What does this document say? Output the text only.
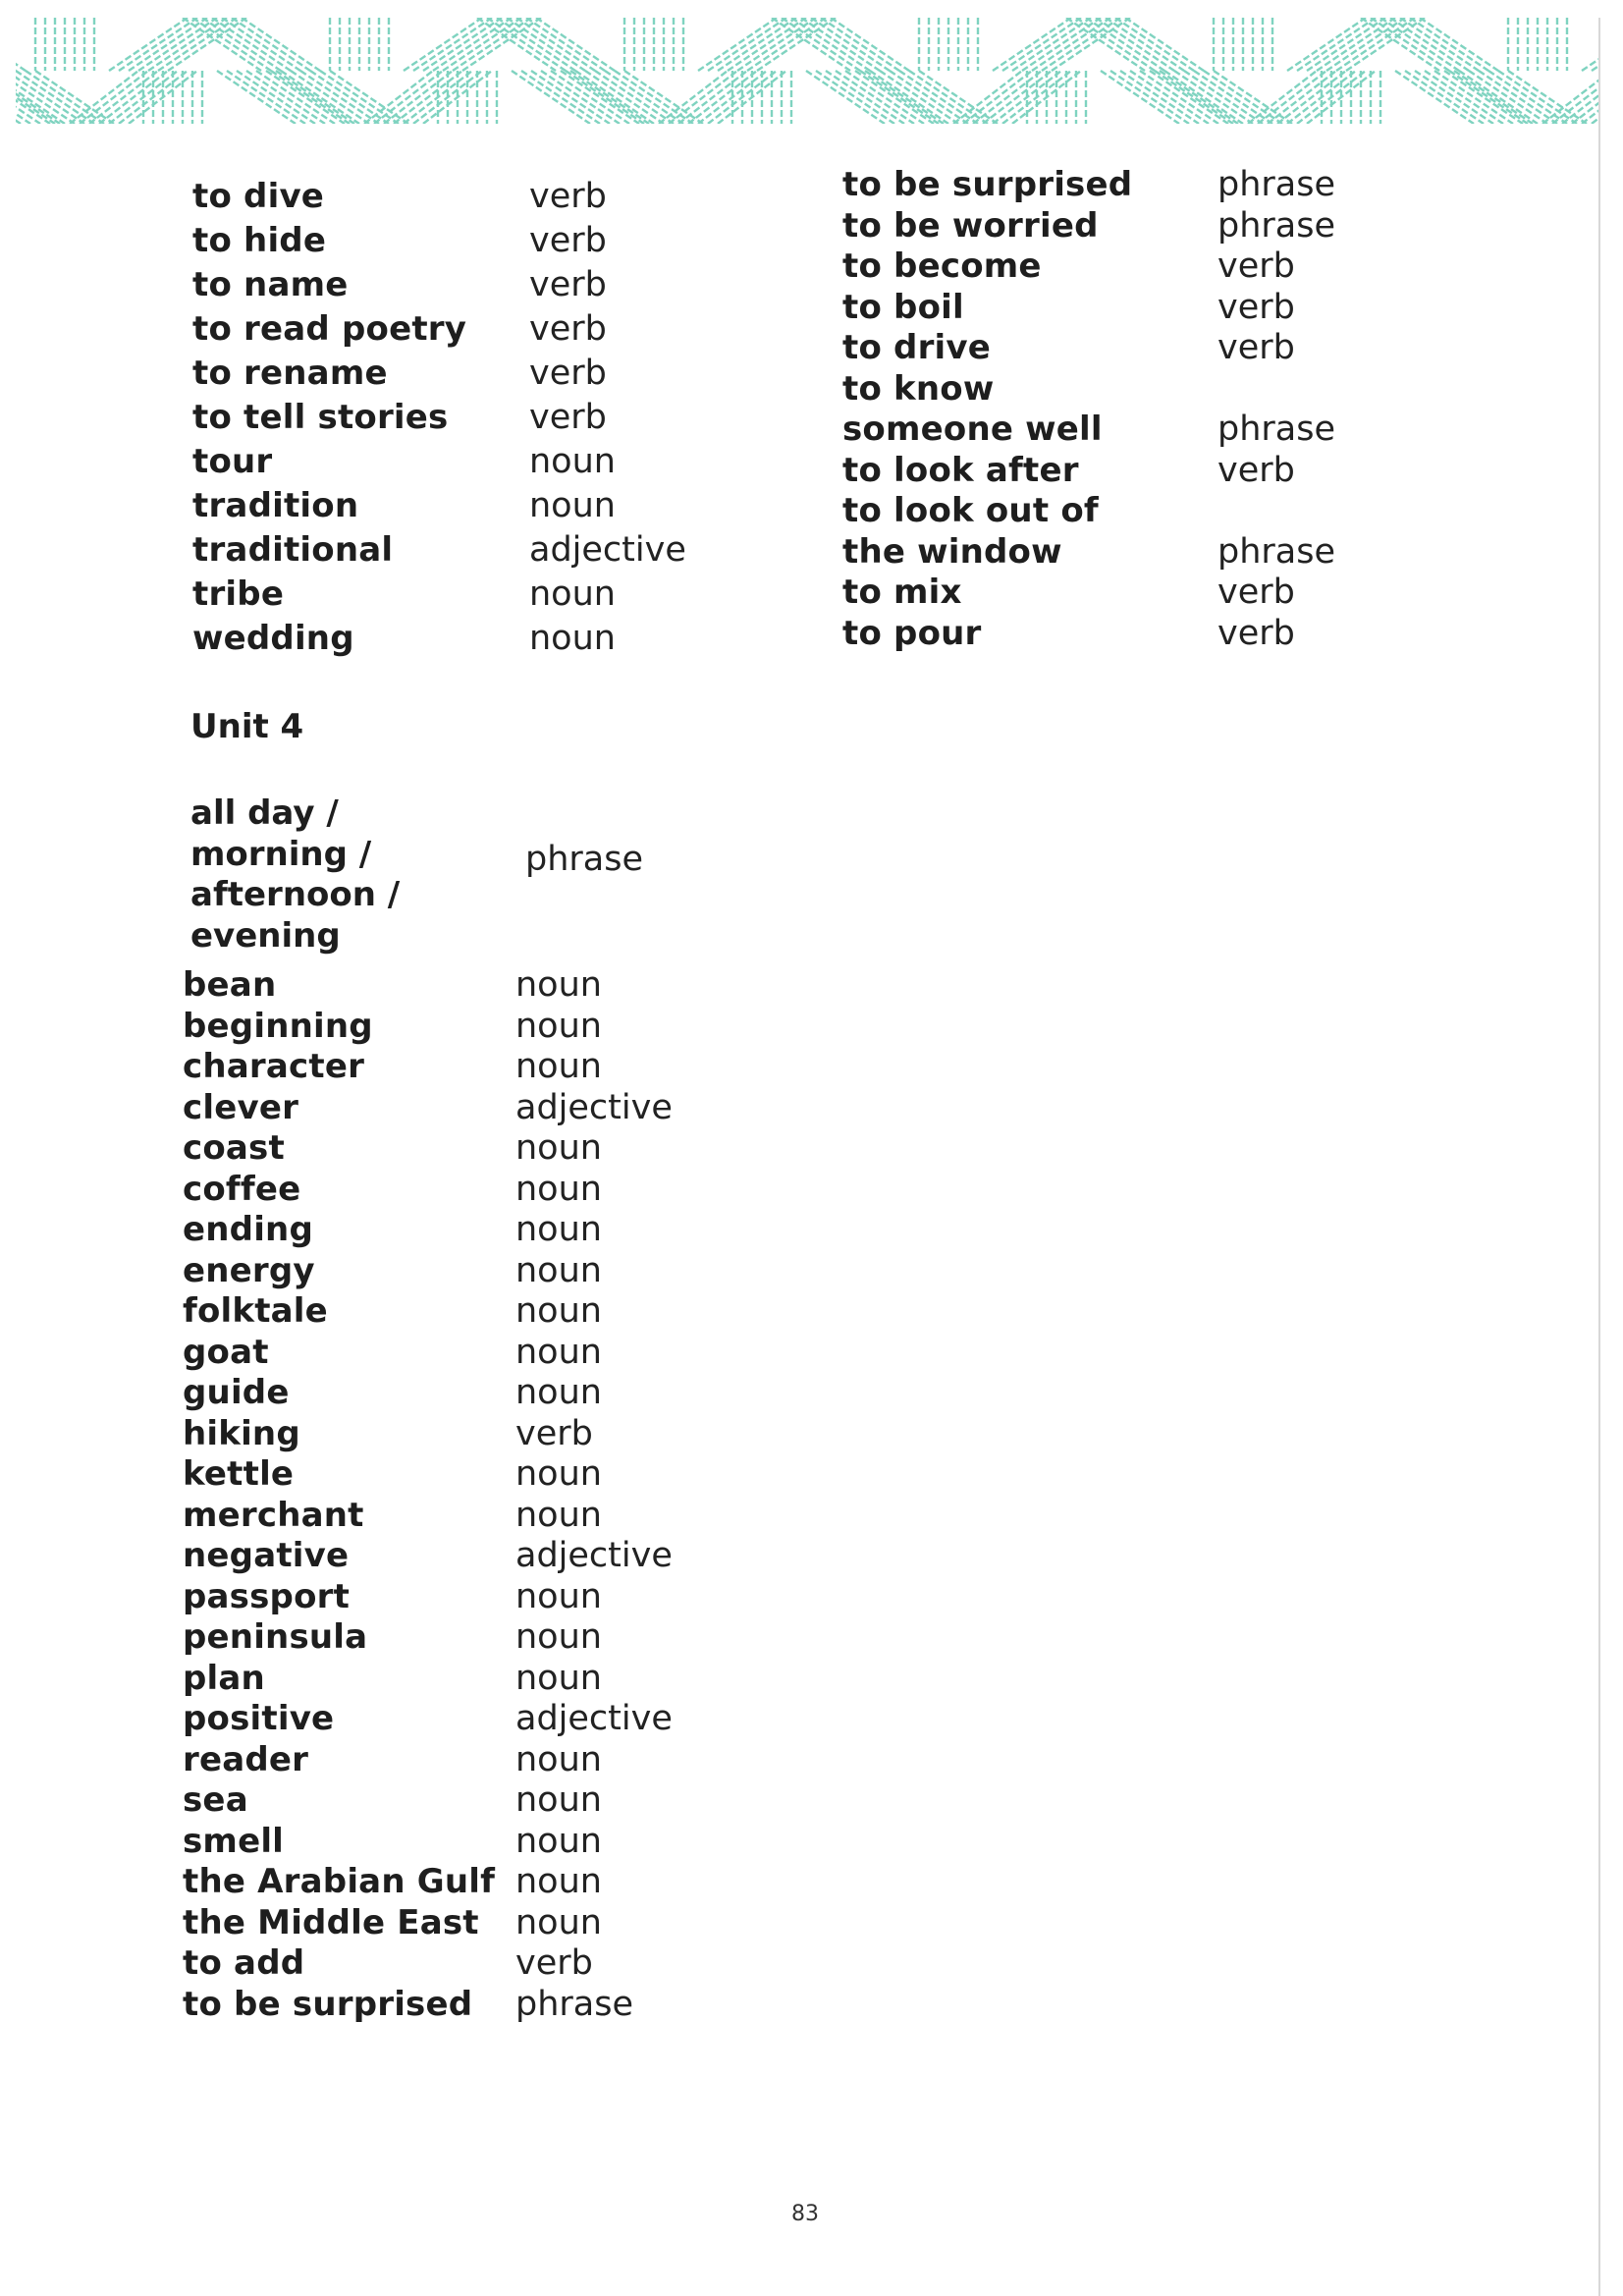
to dive	verb
to hide	verb
to name	verb
to read poetry verb
to rename	verb
to tell stories verb
tour	noun
tradition	noun
traditional	adjective
tribe	noun
wedding	noun
Unit 4
all day /
morning /
afternoon /
evening
phrase
bean	noun
beginning	noun
character	noun
clever	adjective
coast	noun
coffee	noun
ending	noun
energy	noun
folktale	noun
goat	noun
guide	noun
hiking	verb
kettle	noun
merchant	noun
negative	adjective
passport	noun
peninsula	noun
plan	noun
positive	adjective
reader	noun
sea	noun
smell	noun
the Arabian Gulf noun
the Middle East noun
to add	verb
to be surprised phrase
to be surprised phrase
to be worried	phrase
to become	verb
to boil	verb
to drive	verb
to know
someone well	phrase
to look after	verb
to look out of
the window	phrase
to mix	verb
to pour	verb
83
